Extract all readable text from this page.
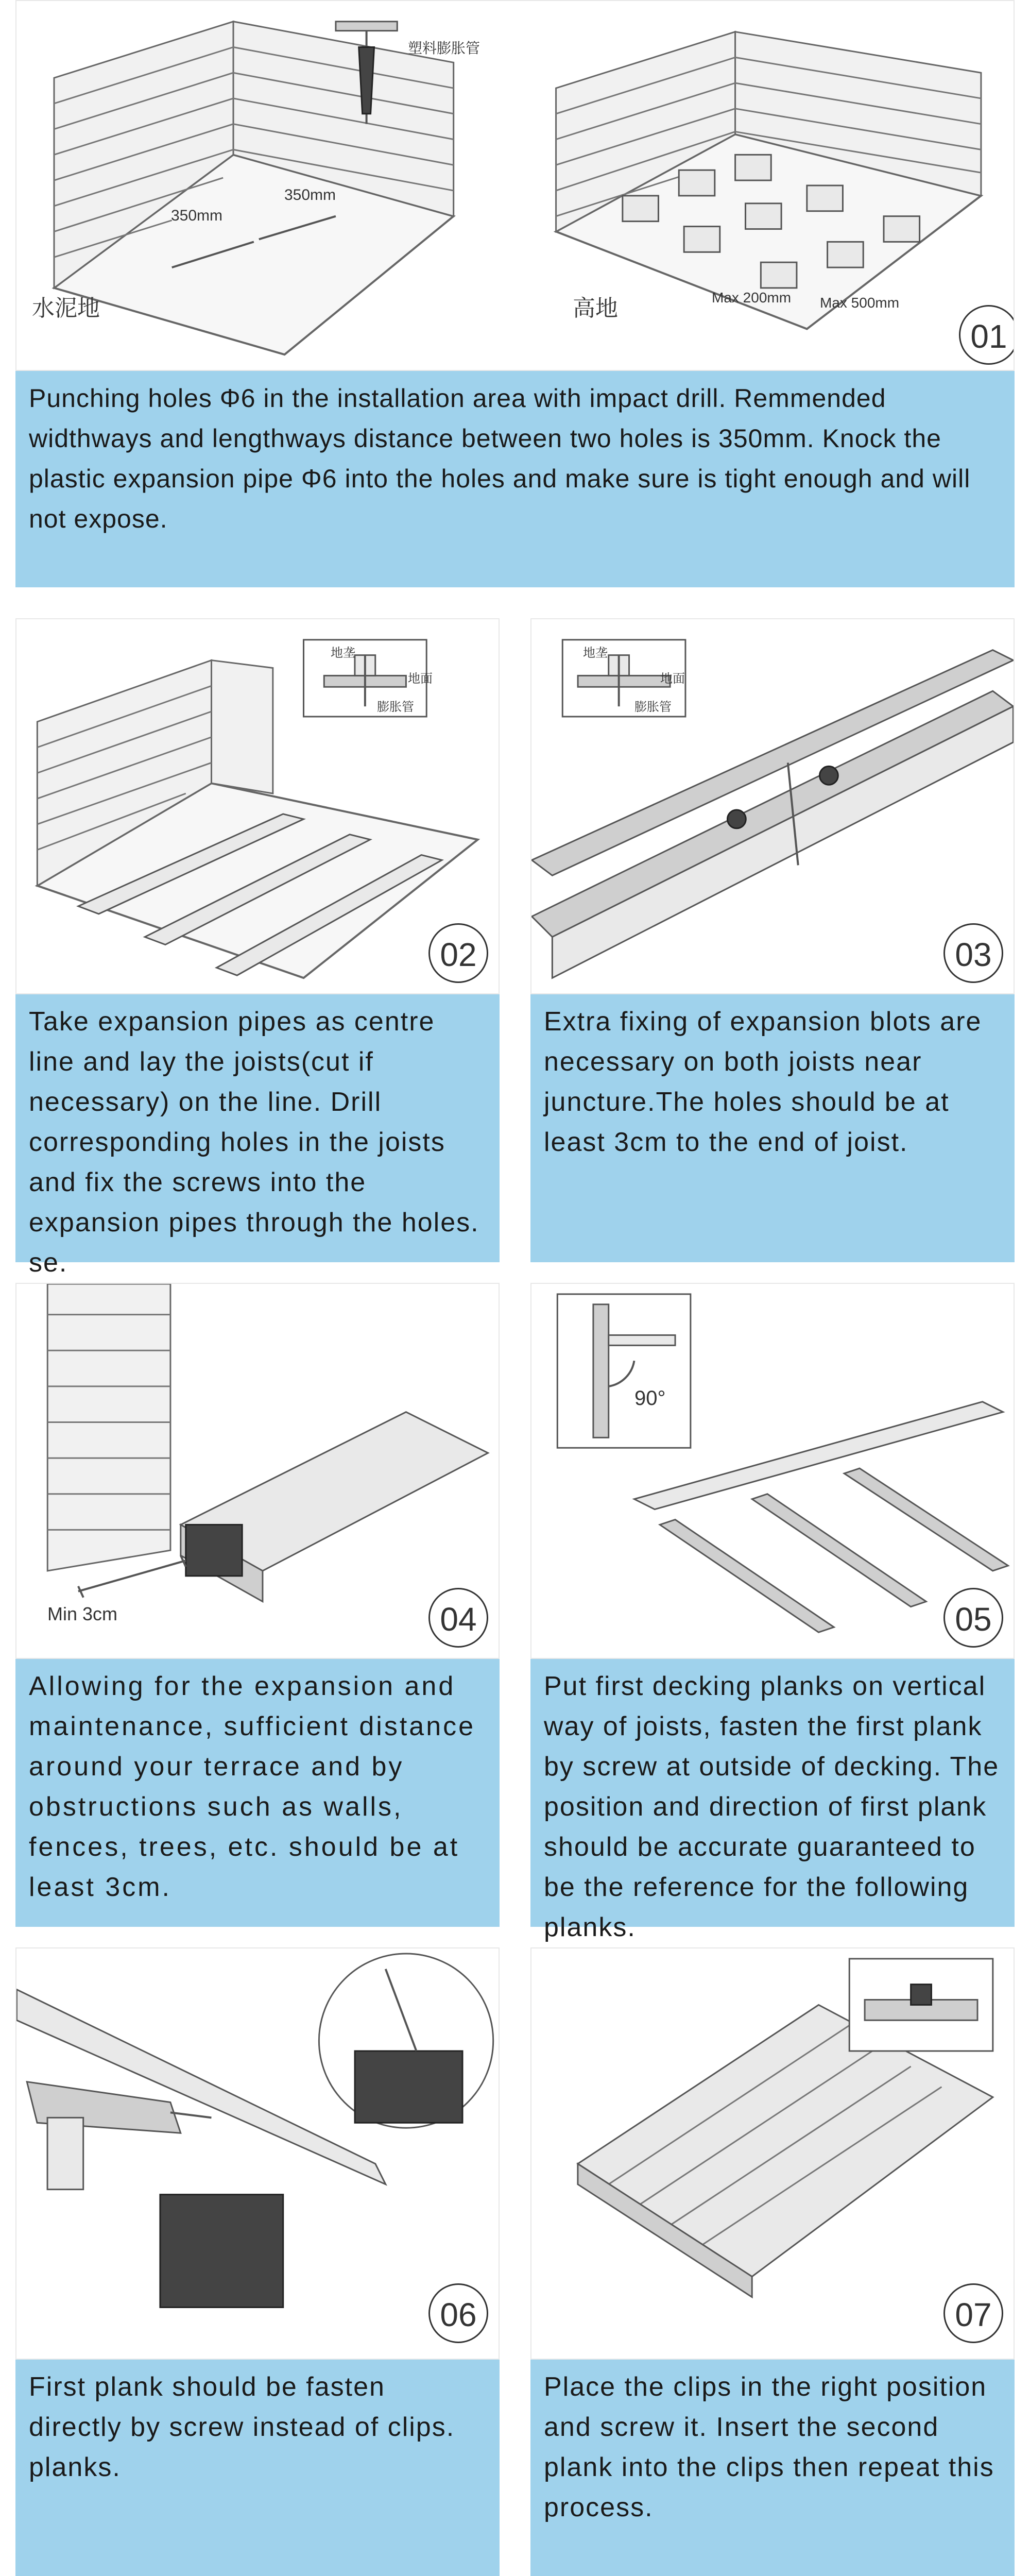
水泥地	高地
350mm
350mm
Max 200mm Max 500mm
塑料膨胀管
01
Punching holes Φ6 in the installation area with impact drill. Remmended widthways and lengthways distance between two holes is 350mm. Knock the plastic expansion pipe Φ6 into the holes and make sure is tight enough and will not expose.
地垄
地面
膨胀管
02
Take expansion pipes as centre line and lay the joists(cut if necessary) on the line. Drill corresponding holes in the joists and fix the screws into the expansion pipes through the holes. se.
地垄
地面
膨胀管
03
Extra fixing of expansion blots are necessary on both joists near juncture.The holes should be at least 3cm to the end of joist.
Min 3cm	04
Allowing for the expansion and maintenance, sufficient distance around your terrace and by obstructions such as walls, fences, trees, etc. should be at least 3cm.
90°
05
Put first decking planks on vertical way of joists, fasten the first plank by screw at outside of decking. The position and direction of first plank should be accurate guaranteed to be the reference for the following planks.
06
First plank should be fasten directly by screw instead of clips. planks.
07
Place the clips in the right position and screw it. Insert the second plank into the clips then repeat this process.
